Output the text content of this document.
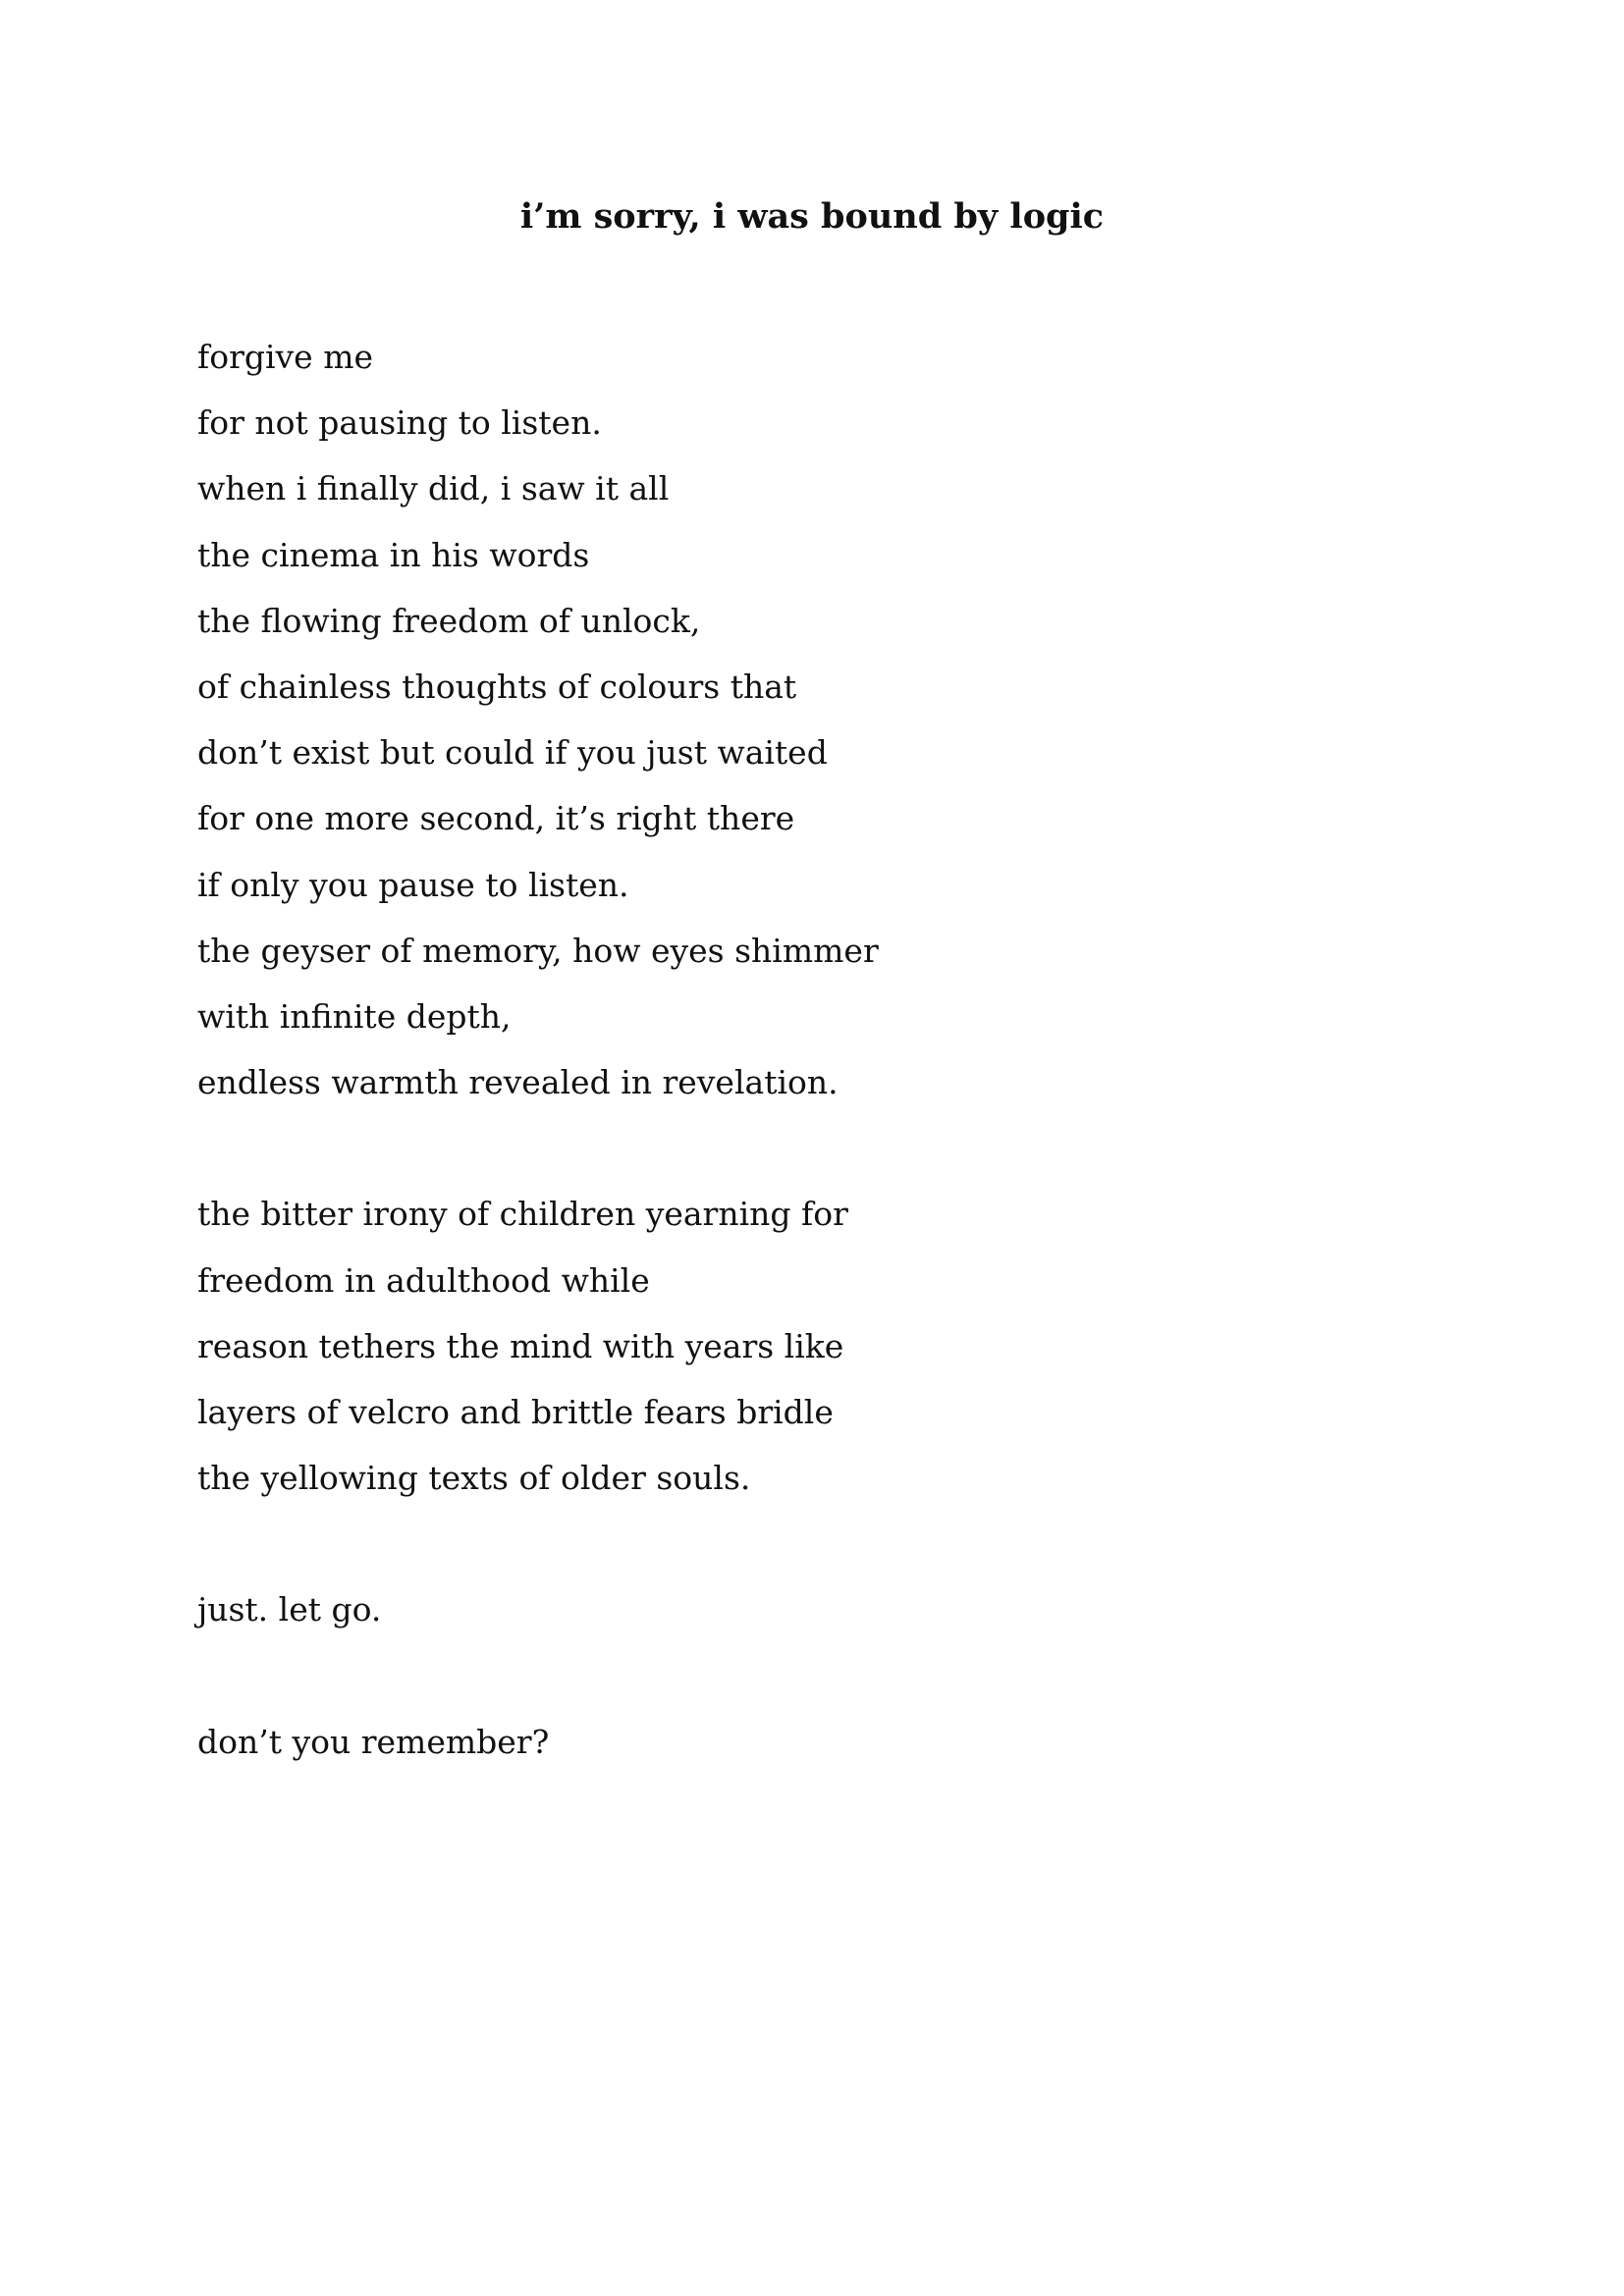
i’m sorry, i was bound by logic
forgive me
for not pausing to listen.
when i finally did, i saw it all
the cinema in his words
the flowing freedom of unlock,
of chainless thoughts of colours that
don’t exist but could if you just waited
for one more second, it’s right there
if only you pause to listen.
the geyser of memory, how eyes shimmer
with infinite depth,
endless warmth revealed in revelation.
the bitter irony of children yearning for
freedom in adulthood while
reason tethers the mind with years like
layers of velcro and brittle fears bridle
the yellowing texts of older souls.
just. let go.
don’t you remember?
